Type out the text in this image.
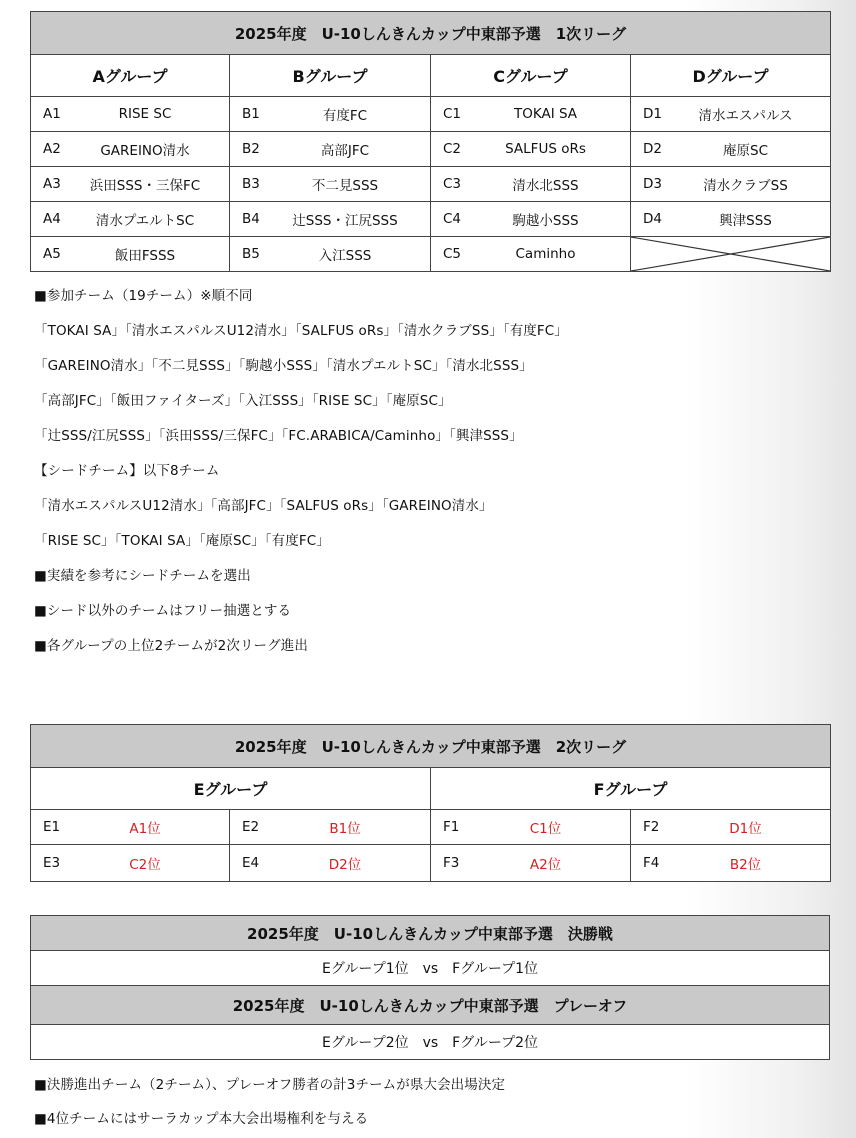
2025年度　U-10しんきんカップ中東部予選　1次リーグ			
Aグループ	Bグループ	Cグループ	Dグループ

A1 RISE SC	B1 有度FC	C1 TOKAI SA	D1 清水エスパルス

A2 GAREINO清水	B2 高部JFC	C2 SALFUS oRs	D2 庵原SC

A3 浜田SSS・三保FC	B3 不二見SSS	C3 清水北SSS	D3 清水クラブSS

A4 清水プエルトSC	B4 辻SSS・江尻SSS	C4 駒越小SSS	D4 興津SSS

A5 飯田FSSS	B5 入江SSS	C5 Caminho

■参加チーム（19チーム）※順不同
「TOKAI SA」「清水エスパルスU12清水」「SALFUS oRs」「清水クラブSS」「有度FC」
「GAREINO清水」「不二見SSS」「駒越小SSS」「清水プエルトSC」「清水北SSS」
「高部JFC」「飯田ファイターズ」「入江SSS」「RISE SC」「庵原SC」
「辻SSS/江尻SSS」「浜田SSS/三保FC」「FC.ARABICA/Caminho」「興津SSS」
【シードチーム】以下8チーム
「清水エスパルスU12清水」「高部JFC」「SALFUS oRs」「GAREINO清水」
「RISE SC」「TOKAI SA」「庵原SC」「有度FC」
■実績を参考にシードチームを選出
■シード以外のチームはフリー抽選とする
■各グループの上位2チームが2次リーグ進出
2025年度　U-10しんきんカップ中東部予選　2次リーグ			
Eグループ		Fグループ	

E1 A1位	E2 B1位	F1 C1位	F2 D1位

E3 C2位	E4 D2位	F3 A2位	F4 B2位
2025年度　U-10しんきんカップ中東部予選　決勝戦
Eグループ1位　vs　Fグループ1位
2025年度　U-10しんきんカップ中東部予選　プレーオフ
Eグループ2位　vs　Fグループ2位
■決勝進出チーム（2チーム）、プレーオフ勝者の計3チームが県大会出場決定
■4位チームにはサーラカップ本大会出場権利を与える
